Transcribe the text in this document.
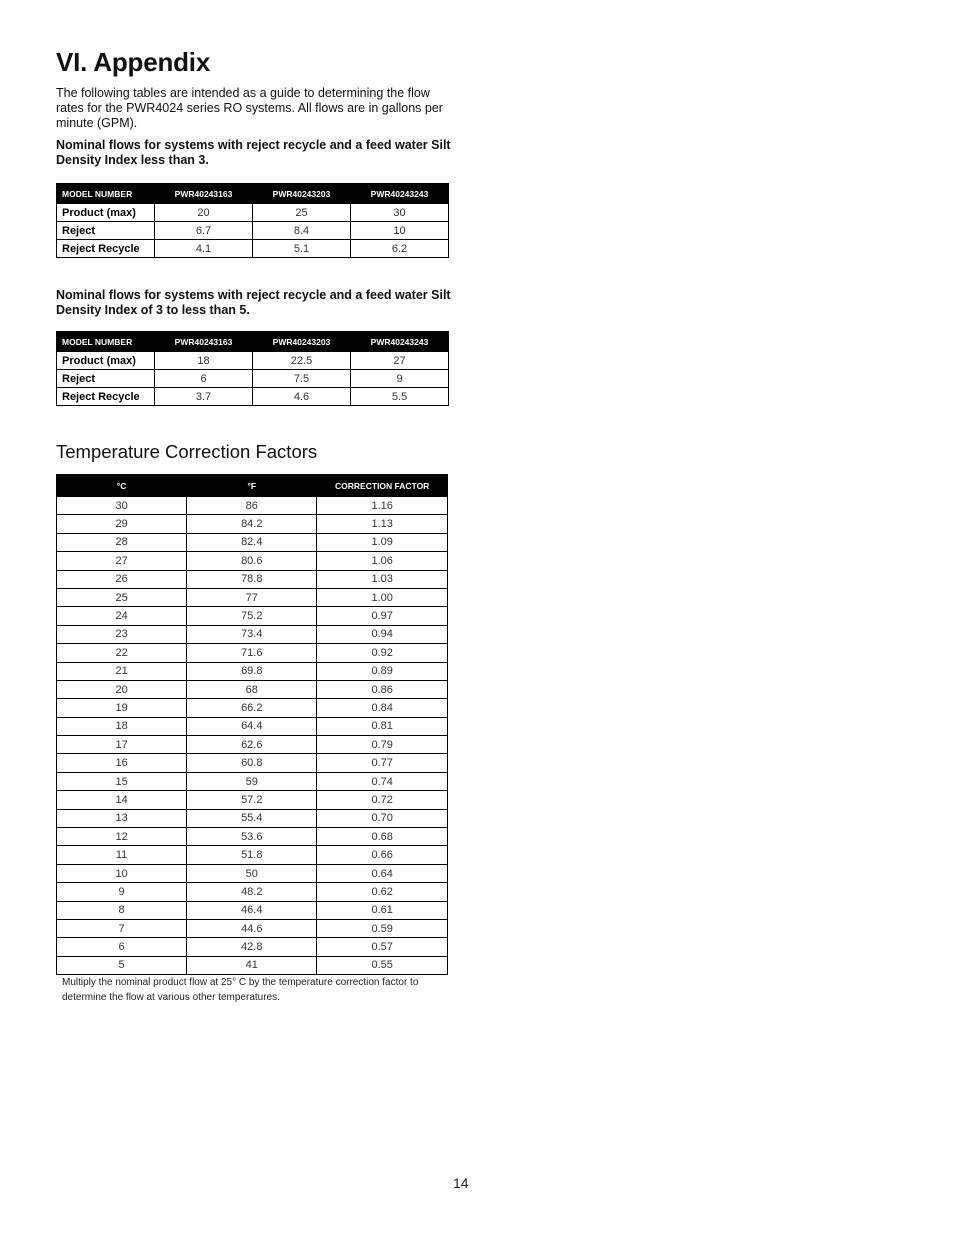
VI. Appendix

The following tables are intended as a guide to determining the flow rates for the PWR4024 series RO systems. All flows are in gallons per minute (GPM).

Nominal flows for systems with reject recycle and a feed water Silt Density Index less than 3.

MODEL NUMBER	PWR40243163	PWR40243203	PWR40243243
Product (max)	20	25	30
Reject	6.7	8.4	10
Reject Recycle	4.1	5.1	6.2

Nominal flows for systems with reject recycle and a feed water Silt Density Index of 3 to less than 5.

MODEL NUMBER	PWR40243163	PWR40243203	PWR40243243
Product (max)	18	22.5	27
Reject	6	7.5	9
Reject Recycle	3.7	4.6	5.5
Temperature Correction Factors
°C	°F	CORRECTION FACTOR
30	86	1.16
29	84.2	1.13
28	82.4	1.09
27	80.6	1.06
26	78.8	1.03
25	77	1.00
24	75.2	0.97
23	73.4	0.94
22	71.6	0.92
21	69.8	0.89
20	68	0.86
19	66.2	0.84
18	64.4	0.81
17	62.6	0.79
16	60.8	0.77
15	59	0.74
14	57.2	0.72
13	55.4	0.70
12	53.6	0.68
11	51.8	0.66
10	50	0.64
9	48.2	0.62
8	46.4	0.61
7	44.6	0.59
6	42.8	0.57
5	41	0.55

Multiply the nominal product flow at 25° C by the temperature correction factor to determine the flow at various other temperatures.

14
